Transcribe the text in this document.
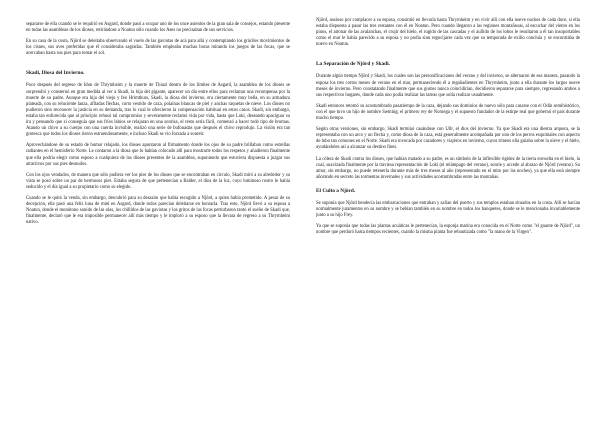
separarse de ella cuando se le requirió en Asgard, donde pasó a ocupar uno de los once asientos de la gran sala de consejos, estando presente en todas las asambleas de los dioses, retirándose a Noatun sólo cuando los Ases no precisaban de sus servicios.

En su casa de la costa, Njörd se deleitaba observando el vuelo de las gaviotas de acá para allá y contemplando los gráciles movimientos de los cisnes, sus aves preferidas que él consideraba sagradas. También empleaba muchas horas mirando los juegos de las focas, que se acercaban hasta sus pies para tomar el sol.

Skadi, Diosa del Invierno.

Poco después del regreso de Idun de Thrymheim y la muerte de Thiazi dentro de los límites de Asgard, la asamblea de los dioses se sorprendió y consternó en gran medida al ver a Skadi, la hija del gigante, aparecer un día entre ellos para reclamar una recompensa por la muerte de su padre. Aunque era hija del viejo y feo Hrimthurs, Skadi, la diosa del invierno, era ciertamente muy bella, en su armadura plateada, con su reluciente lanza, afiladas flechas, corto vestido de caza, polainas blancas de piel y anchas raquetas de nieve. Los dioses no pudieron sino reconocer la justicia en su demanda, tras lo cual le ofrecieron la compensación habitual en estos casos. Skadi, sin embargo, estaba tan enfurecida que al principio rehusó tal compromiso y severamente reclamó vida por vida, hasta que Loki, deseando apaciguar su ira y pensando que si conseguía que sus fríos labios se relajaran en una sonrisa, el resto sería fácil, comenzó a hacer todo tipo de bromas. Atando un chivo a su cuerpo con una cuerda invisible, realizó una serie de bufonadas que después el chivo reprodujo. La visión era tan grotesca que todos los dioses rieron estruendosamente, e incluso Skadi se vio forzada a sonreír.

Aprovechándose de su estado de humor relajado, los dioses apuntaron al firmamento donde los ojos de su padre brillaban como estrellas radiantes en el hemisferio Norte. Le contaron a la diosa que lo habían colocado allí para mostrarle todos los respetos y añadieron finalmente que ella podría elegir como esposo a cualquiera de los dioses presentes de la asamblea, suponiendo que estuviera dispuesta a juzgar sus atractivos por sus pies desnudos.

Con los ojos vendados, de manera que sólo pudiera ver los pies de los dioses que se encontraban en círculo, Skadi miró a su alrededor y su vista se posó sobre un par de hermosos pies. Estaba segura de que pertenecían a Balder, el dios de la luz, cuyo luminoso rostro le había seducido y el día igual a su propietario como su elegido.

Cuando se le quitó la venda, sin embargo, descubrió para su desazón que había escogido a Njörd, a quien había prometido. A pesar de su decepción, ella pasó una feliz luna de miel en Asgard, donde todos parecían deleitarse en honrarla. Tras esto, Njörd llevó a su esposa a Noatun, donde el monótono sonido de las olas, los chillidos de las gaviotas y los gritos de las focas perturbaron tanto el sueño de Skadi que, finalmente, declaró que le era imposible permanecer allí más tiempo y le imploró a su esposo que la llevara de regreso a su Thrymheim nativo.

Njörd, ansioso por complacer a su esposa, consintió en llevarla hasta Thrymheim y en vivir allí con ella nueve noches de cada doce, si ella estaba dispuesta a pasar las tres restantes con él en Noatun. Pero cuando llegaron a las regiones montañosas, al escuchar del viento en los pinos, el atronar de las avalanchas, el crujir del hielo, el rugido de las cascadas y el aullido de los lobos le resultaron a él tan insoportables como el mar le había parecido a su esposa y no podía sino regocijarse cada vez que su temporada de exilio concluía y se encontraba de nuevo en Noatun.

La Separación de Njörd y Skadi.

Durante algún tiempo Njörd y Skadi, los cuales son las personificaciones del verano y del invierno, se alternaron de esa manera, pasando la esposa los tres cortos meses de verano en el mar, permaneciendo él a regañadientes en Thrymheim, junto a ella durante los largos nueve meses de invierno. Pero constatando finalmente que sus gustos nunca coincidirían, decidieron separarse para siempre, regresando ambos a sus respectivos hogares, donde cada uno podía realizar las tareas que solía realizar usualmente.

Skadi entonces retomó su acostumbrado pasatiempo de la caza, dejando sus dominios de nuevo sólo para casarse con el Odín semihistórico, con el que tuvo un hijo de nombre Sæming, el primero rey de Noruega y el supuesto fundador de la estirpe real que gobernó el país durante mucho tiempo.

Según otras versiones, sin embargo, Skadi terminó casándose con Ullr, el dios del invierno. Ya que Skadi era una diestra arquera, se la representaba con un arco y un flecha y, como diosa de la caza, está generalmente acompañada por uno de los perros esquimales con aspecto de lobo tan comunes en el Norte. Skadi era invocada por cazadores y viajeros en invierno, cuyos trineos ella guiaba sobre la nieve y el hielo, ayudándoles así a alcanzar su destino fines.

La cólera de Skadi contra los dioses, que habían matado a su padre, es un símbolo de la inflexible rigidez de la tierra envuelta en el hielo, la cual, suavizada finalmente por la traviesa representación de Loki (el relámpago del verano), sonríe y accede al abrazo de Njörd (verano). Su amor, sin embargo, no puede retenerla durante más de tres meses al año (representado en el mito por las noches), ya que ella está siempre añorando en secreto las tormentas invernales y sus actividades acostumbradas entre las montañas.

El Culto a Njörd.

Se suponía que Njörd bendecía las embarcaciones que entraban y salían del puerto y sus templos estaban situados en la costa. Allí se hacían normalmente juramentos en su nombre y se bebían también en su nombre en todos los banquetes, donde se le mencionaba invariablemente junto a su hijo Frey.

Ya que se suponía que todas las plantas acuáticas le pertenecían, la esponja marina era conocida en el Norte como "el guante de Njörd", un nombre que perduró hasta tiempos recientes, cuando la misma planta fue rebautizada como "la mano de la Virgen".
